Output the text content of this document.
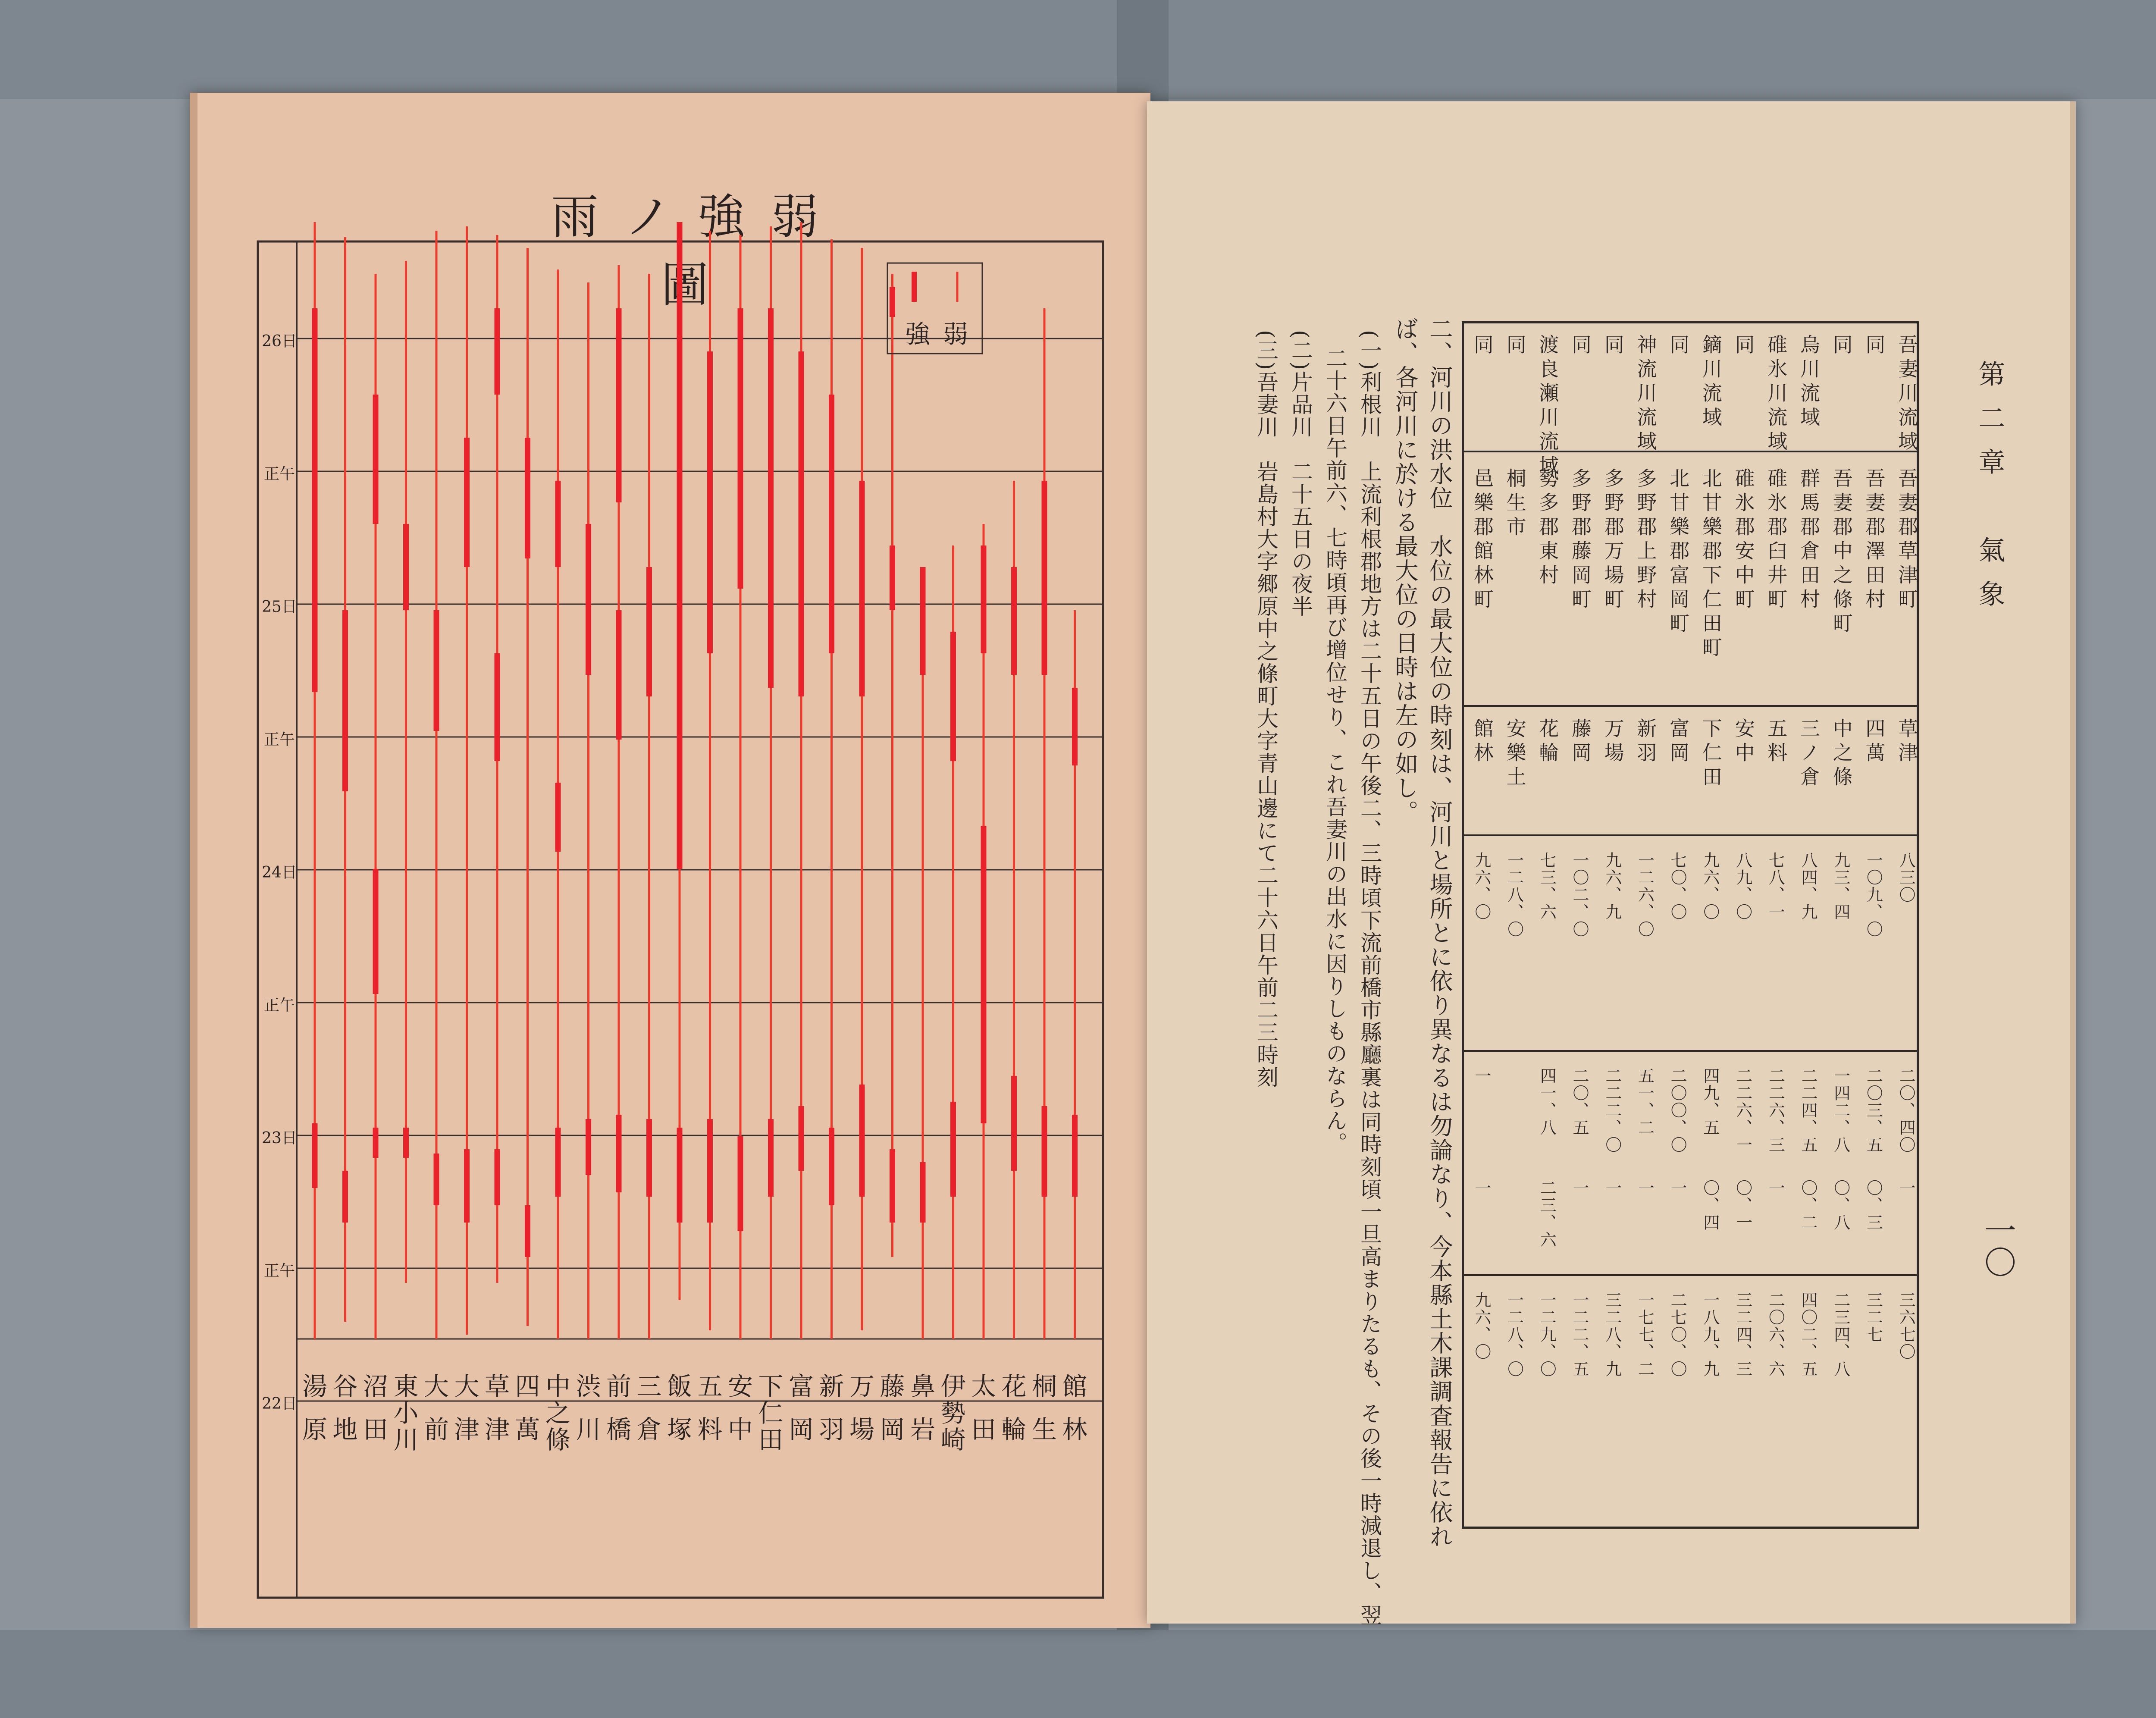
雨ノ強弱圖
26日
正午
25日
正午
24日
正午
23日
正午
22日
湯原
谷地
沼田
東小川
大前
大津
草津
四萬
中之條
渋川
前橋
三倉
飯塚
五料
安中
下仁田
富岡
新羽
万場
藤岡
鼻岩
伊勢崎
太田
花輪
桐生
館林
強 弱
第二章　氣象
一〇
吾妻川流域
吾妻郡草津町
草津
八三〇
二〇、四〇
一
三六七〇
同
吾妻郡澤田村
四萬
一〇九、〇
二〇三、五
〇、三
三二七
同
吾妻郡中之條町
中之條
九三、四
一四二、八
〇、八
二三四、八
烏川流域
群馬郡倉田村
三ノ倉
八四、九
二二四、五
〇、二
四〇二、五
碓氷川流域
碓氷郡臼井町
五料
七八、一
二二六、三
一
二〇六、六
同
碓氷郡安中町
安中
八九、〇
二二六、一
〇、一
三二四、三
鏑川流域
北甘樂郡下仁田町
下仁田
九六、〇
四九、五
〇、四
一八九、九
同
北甘樂郡富岡町
富岡
七〇、〇
二〇〇、〇
一
二七〇、〇
神流川流域
多野郡上野村
新羽
一二六、〇
五一、二
一
一七七、二
同
多野郡万場町
万場
九六、九
二二二、〇
一
三二八、九
同
多野郡藤岡町
藤岡
一〇二、〇
二〇、五
一
一二二、五
渡良瀬川流域
勢多郡東村
花輪
七三、六
四一、八
二三、六
一二九、〇
同
桐生市
安樂土
一二八、〇
一二八、〇
同
邑樂郡館林町
館林
九六、〇
一
一
九六、〇
二、河川の洪水位　水位の最大位の時刻は、河川と場所とに依り異なるは勿論なり、今本縣土木課調査報告に依れ
ば、各河川に於ける最大位の日時は左の如し。
(一)利根川　上流利根郡地方は二十五日の午後二、三時頃下流前橋市縣廳裏は同時刻頃一旦高まりたるも、その後一時減退し、翌
二十六日午前六、七時頃再び增位せり、これ吾妻川の出水に因りしものならん。
(二)片品川　二十五日の夜半
(三)吾妻川　岩島村大字郷原中之條町大字青山邊にて二十六日午前二三時刻
